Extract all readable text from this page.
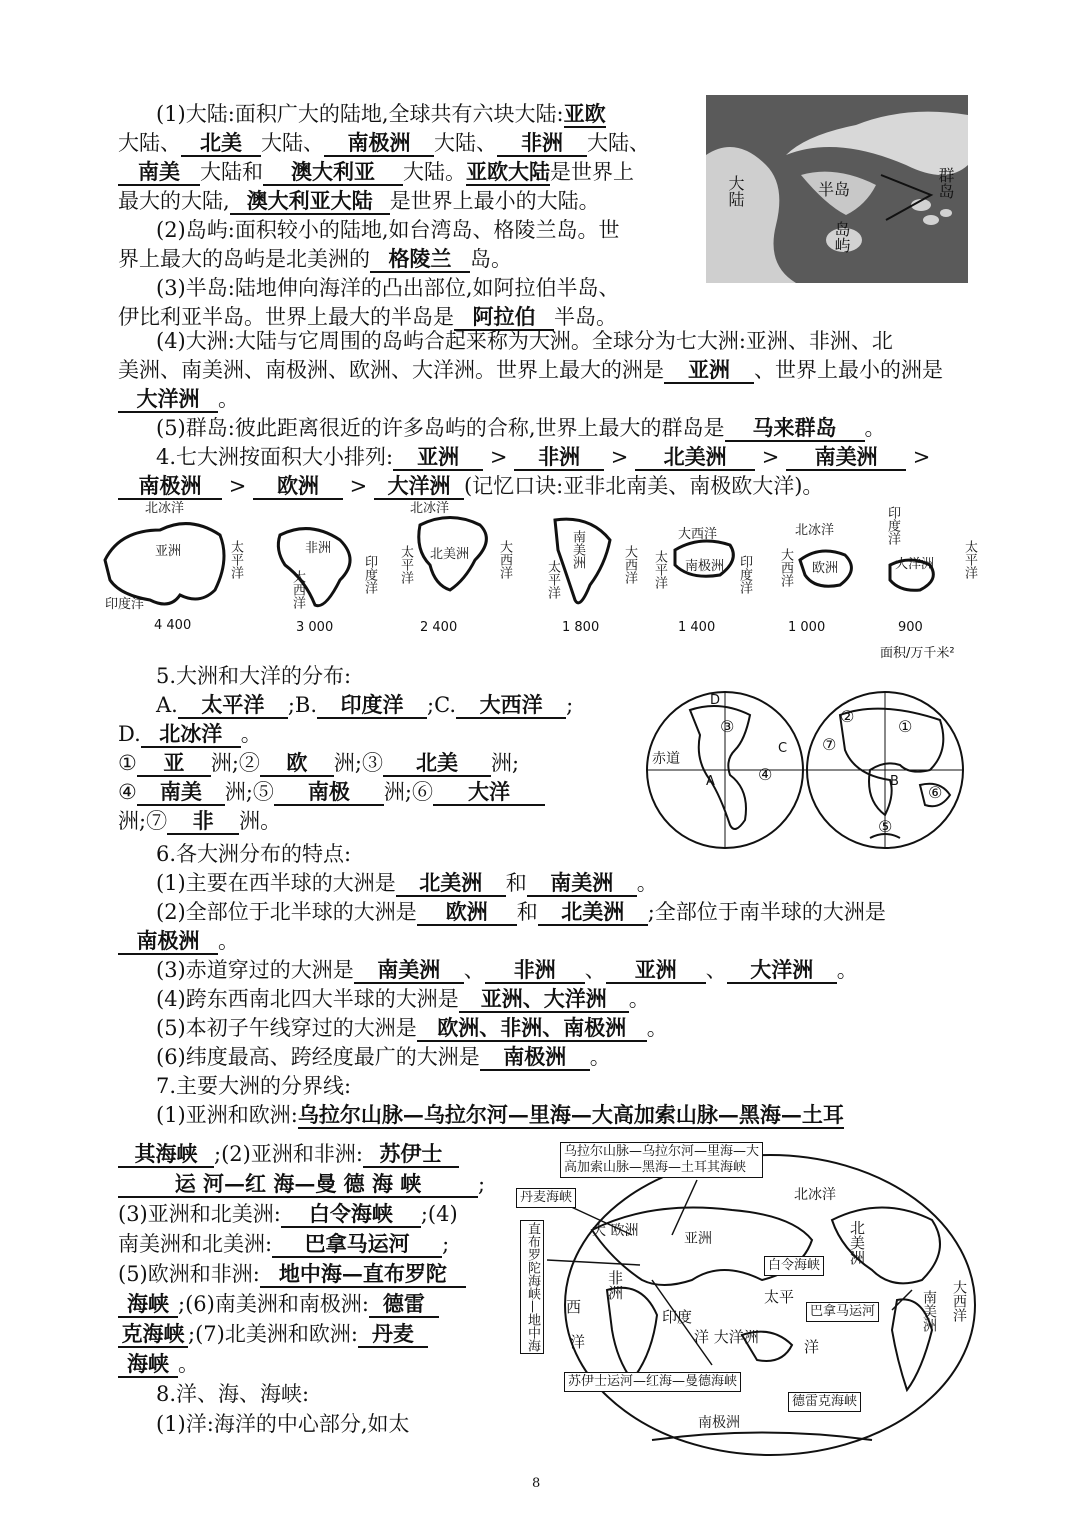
(1)大陆:面积广大的陆地,全球共有六块大陆:亚欧
大陆、 北美 大陆、 南极洲 大陆、 非洲 大陆、
南美 大陆和 澳大利亚 大陆。亚欧大陆是世界上
最大的大陆, 澳大利亚大陆 是世界上最小的大陆。
(2)岛屿:面积较小的陆地,如台湾岛、格陵兰岛。世
界上最大的岛屿是北美洲的 格陵兰 岛。
(3)半岛:陆地伸向海洋的凸出部位,如阿拉伯半岛、
伊比利亚半岛。世界上最大的半岛是 阿拉伯 半岛。
大陆	半岛
岛屿
群岛
(4)大洲:大陆与它周围的岛屿合起来称为大洲。全球分为七大洲:亚洲、非洲、北
美洲、南美洲、南极洲、欧洲、大洋洲。世界上最大的洲是 亚洲 、世界上最小的洲是
大洋洲 。
(5)群岛:彼此距离很近的许多岛屿的合称,世界上最大的群岛是 马来群岛 。
4.七大洲按面积大小排列: 亚洲 > 非洲 > 北美洲 > 南美洲 >
南极洲 > 欧洲 > 大洋洲 (记忆口诀:亚非北南美、南极欧大洋)。
北冰洋
亚洲	太平洋
印度洋
非洲
大西洋	印度洋
北冰洋
太平洋 北美洲 大西洋	南美洲
太平洋	大西洋
大西洋
太平洋 南极洲 印度洋
北冰洋
大西洋 欧洲
印度洋
大洋洲 太平洋
4 400	3 000	2 400	1 800	1 400	1 000	900
面积/万千米²
5.大洲和大洋的分布:
A. 太平洋 ;B. 印度洋 ;C. 大西洋 ;
D. 北冰洋 。
① 亚 洲;② 欧 洲;③ 北美 洲;
④ 南美 洲;⑤ 南极 洲;⑥ 大洋
洲;⑦ 非 洲。
赤道
A	B
C
D
③
④
②
①
⑦
⑥
⑤
6.各大洲分布的特点:
(1)主要在西半球的大洲是 北美洲 和 南美洲 。
(2)全部位于北半球的大洲是 欧洲 和 北美洲 ;全部位于南半球的大洲是
南极洲 。
(3)赤道穿过的大洲是 南美洲 、 非洲 、 亚洲 、 大洋洲 。
(4)跨东西南北四大半球的大洲是 亚洲、大洋洲 。
(5)本初子午线穿过的大洲是 欧洲、非洲、南极洲 。
(6)纬度最高、跨经度最广的大洲是 南极洲 。
7.主要大洲的分界线:
(1)亚洲和欧洲:乌拉尔山脉—乌拉尔河—里海—大高加索山脉—黑海—土耳
其海峡 ;(2)亚洲和非洲: 苏伊士
运 河—红 海—曼 德 海 峡	;
(3)亚洲和北美洲: 白令海峡 ;(4)
南美洲和北美洲: 巴拿马运河 ;
(5)欧洲和非洲: 地中海—直布罗陀
海峡 ;(6)南美洲和南极洲: 德雷
克海峡 ;(7)北美洲和欧洲: 丹麦
海峡 。
8.洋、海、海峡:
(1)洋:海洋的中心部分,如太
乌拉尔山脉—乌拉尔河—里海—大
高加索山脉—黑海—土耳其海峡
丹麦海峡
直布罗陀海峡—地中海
北冰洋
大 欧洲	亚洲	北美洲
白令海峡
非洲
西
洋
印度
太平
洋 大洋洲
洋
巴拿马运河	南美洲 大西洋
苏伊士运河—红海—曼德海峡
德雷克海峡
南极洲
8
